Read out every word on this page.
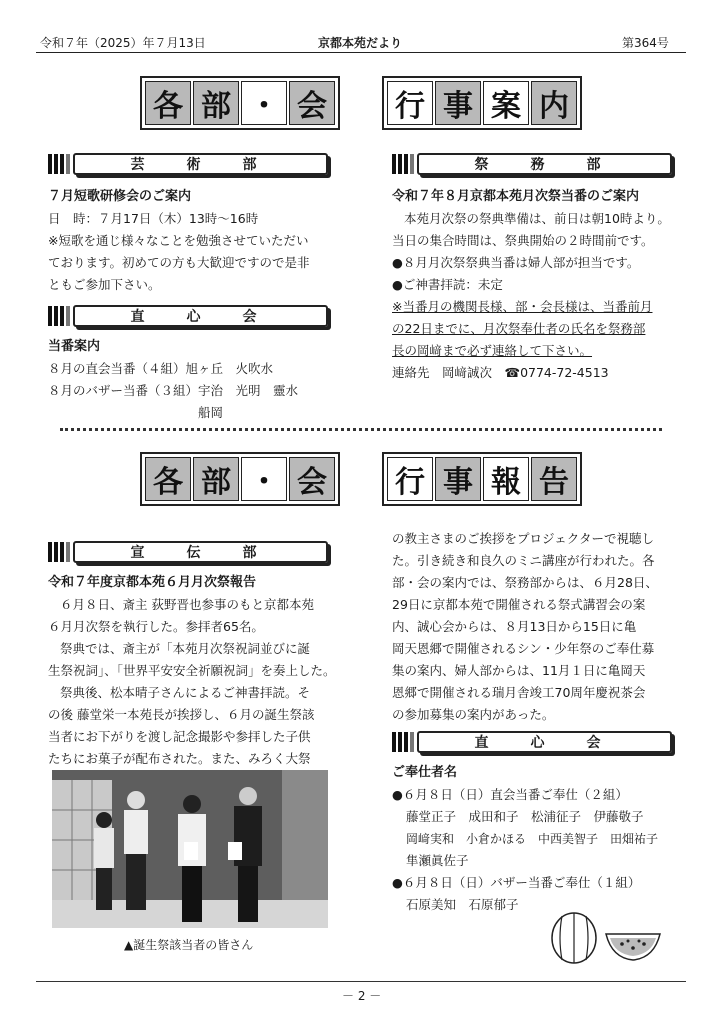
令和７年（2025）年７月13日	京都本苑だより	第364号
各 部 ・ 会 行 事 案 内
芸　術　部
７月短歌研修会のご案内
日　時：７月17日（木）13時～16時
※短歌を通じ様々なことを勉強させていただい
ております。初めての方も大歓迎ですので是非
ともご参加下さい。
直　心　会
当番案内
８月の直会当番（４組）旭ヶ丘　火吹水
８月のバザー当番（３組）宇治　光明　靈水
船岡
祭　務　部
令和７年８月京都本苑月次祭当番のご案内
本苑月次祭の祭典準備は、前日は朝10時より。
当日の集合時間は、祭典開始の２時間前です。
●８月月次祭祭典当番は婦人部が担当です。
●ご神書拝読：未定
※当番月の機関長様、部・会長様は、当番前月
の22日までに、月次祭奉仕者の氏名を祭務部
長の岡﨑まで必ず連絡して下さい。
連絡先　岡﨑誠次　☎0774-72-4513
各 部 ・ 会 行 事 報 告
宣　伝　部
令和７年度京都本苑６月月次祭報告
６月８日、斎主 荻野晋也参事のもと京都本苑
６月月次祭を執行した。参拝者65名。
祭典では、斎主が「本苑月次祭祝詞並びに誕
生祭祝詞」、「世界平安安全祈願祝詞」を奏上した。
祭典後、松本晴子さんによるご神書拝読。そ
の後 藤堂栄一本苑長が挨拶し、６月の誕生祭該
当者にお下がりを渡し記念撮影や参拝した子供
たちにお菓子が配布された。また、みろく大祭
▲誕生祭該当者の皆さん
の教主さまのご挨拶をプロジェクターで視聴し
た。引き続き和良久のミニ講座が行われた。各
部・会の案内では、祭務部からは、６月28日、
29日に京都本苑で開催される祭式講習会の案
内、誠心会からは、８月13日から15日に亀
岡天恩郷で開催されるシン・少年祭のご奉仕募
集の案内、婦人部からは、11月１日に亀岡天
恩郷で開催される瑞月舎竣工70周年慶祝茶会
の参加募集の案内があった。
直　心　会
ご奉仕者名
●６月８日（日）直会当番ご奉仕（２組）
藤堂正子　成田和子　松浦征子　伊藤敬子
岡﨑実和　小倉かほる　中西美智子　田畑祐子
隼瀬眞佐子
●６月８日（日）バザー当番ご奉仕（１組）
石原美知　石原郁子
－ 2 －
